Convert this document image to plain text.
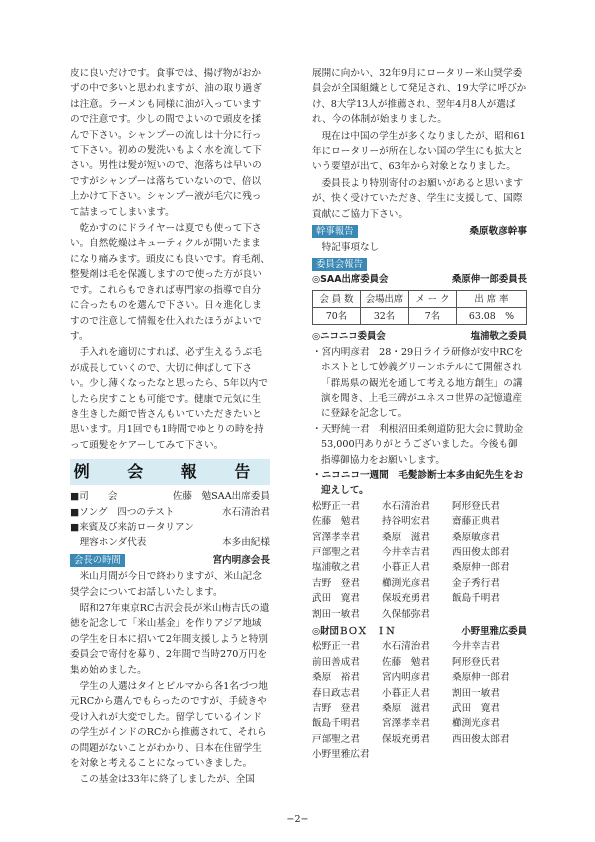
皮に良いだけです。食事では、揚げ物がおかずの中で多いと思われますが、油の取り過ぎは注意。ラーメンも同様に油が入っていますので注意です。少しの間でよいので頭皮を揉んで下さい。シャンプーの流しは十分に行って下さい。初めの髪洗いもよく水を流して下さい。男性は髪が短いので、泡落ちは早いのですがシャンプーは落ちていないので、倍以上かけて下さい。シャンプー液が毛穴に残って詰まってしまいます。

乾かすのにドライヤーは夏でも使って下さい。自然乾燥はキューティクルが開いたままになり痛みます。頭皮にも良いです。育毛剤、整髪剤は毛を保護しますので使った方が良いです。これらもできれば専門家の指導で自分に合ったものを選んで下さい。日々進化しますので注意して情報を仕入れたほうがよいです。

手入れを適切にすれば、必ず生えるうぶ毛が成長していくので、大切に伸ばして下さい。少し薄くなったなと思ったら、5年以内でしたら戻すことも可能です。健康で元気に生き生きした顔で皆さんもいていただきたいと思います。月1回でも1時間でゆとりの時を持って頭髪をケアーしてみて下さい。

例 会 報 告
■司　　会	佐藤　勉SAA出席委員
■ソング　四つのテスト	水石清治君
■来賓及び来訪ロータリアン
　理容ホンダ代表	本多由紀様
会長の時間	宮内明彦会長

米山月間が今日で終わりますが、米山記念奨学会についてお話しいたします。

昭和27年東京RC古沢会長が米山梅吉氏の遺徳を記念して「米山基金」を作りアジア地域の学生を日本に招いて2年間支援しようと特別委員会で寄付を募り、2年間で当時270万円を集め始めました。

学生の人選はタイとビルマから各1名づつ地元RCから選んでもらったのですが、手続きや受け入れが大変でした。留学しているインドの学生がインドのRCから推薦されて、それらの問題がないことがわかり、日本在住留学生を対象と考えることになっていきました。

この基金は33年に終了しましたが、全国

展開に向かい、32年9月にロータリー米山奨学委員会が全国組織として発足され、19大学に呼びかけ、8大学13人が推薦され、翌年4月8人が選ばれ、今の体制が始まりました。

現在は中国の学生が多くなりましたが、昭和61年にロータリーが所在しない国の学生にも拡大という要望が出て、63年から対象となりました。

委員長より特別寄付のお願いがあると思いますが、快く受けていただき、学生に支援して、国際貢献にご協力下さい。

幹事報告	桑原敬彦幹事

特記事項なし

委員会報告
◎SAA出席委員会	桑原伸一郎委員長
会 員 数	会場出席	メ ー ク	出 席 率
70名	32名	7名	63.08　%
◎ニコニコ委員会	塩浦敬之委員

・宮内明彦君　28・29日ライラ研修が安中RCをホストとして妙義グリーンホテルにて開催され「群馬県の観光を通して考える地方創生」の講演を聞き、上毛三碑がユネスコ世界の記憶遺産に登録を記念して。

・天野純一君　利根沼田柔剣道防犯大会に賛助金53,000円ありがとうございました。今後も御指導御協力をお願いします。

・ニコニコ一週間　毛髪診断士本多由紀先生をお迎えして。

松野正一君	水石清治君	阿形登氏君
佐藤　勉君	持谷明宏君	齋藤正典君
宮澤孝幸君	桑原　滋君	桑原敏彦君
戸部聖之君	今井幸吉君	西田俊太郎君
塩浦敬之君	小暮正人君	桑原伸一郎君
吉野　登君	櫛渕光彦君	金子秀行君
武田　寛君	保坂充勇君	飯島千明君
割田一敏君	久保郁弥君
◎財団ＢＯＸ　ＩＮ	小野里雅広委員
松野正一君	水石清治君	今井幸吉君
前田善成君	佐藤　勉君	阿形登氏君
桑原　裕君	宮内明彦君	桑原伸一郎君
春日政志君	小暮正人君	割田一敏君
吉野　登君	桑原　滋君	武田　寛君
飯島千明君	宮澤孝幸君	櫛渕光彦君
戸部聖之君	保坂充勇君	西田俊太郎君
小野里雅広君
−2−
